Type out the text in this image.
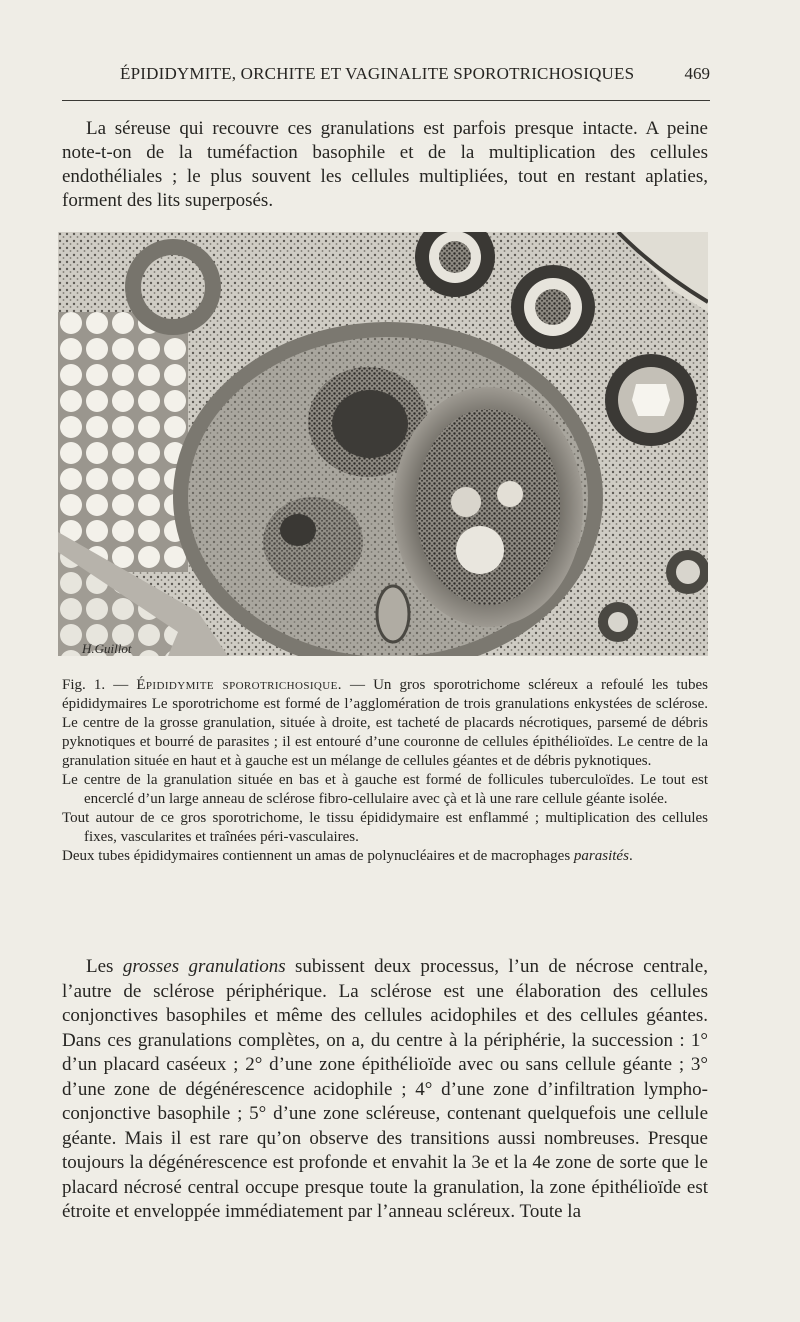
ÉPIDIDYMITE, ORCHITE ET VAGINALITE SPOROTRICHOSIQUES	469

La séreuse qui recouvre ces granulations est parfois presque intacte. A peine note-t-on de la tuméfaction basophile et de la multiplication des cellules endothéliales ; le plus souvent les cellules multipliées, tout en restant aplaties, forment des lits superposés.

H.Guillot

Fig. 1. — Épididymite sporotrichosique. — Un gros sporotrichome scléreux a refoulé les tubes épididymaires Le sporotrichome est formé de l’agglomération de trois granulations enkystées de sclérose. Le centre de la grosse granulation, située à droite, est tacheté de placards nécrotiques, parsemé de débris pyknotiques et bourré de parasites ; il est entouré d’une couronne de cellules épithélioïdes. Le centre de la granulation située en haut et à gauche est un mélange de cellules géantes et de débris pyknotiques.

Le centre de la granulation située en bas et à gauche est formé de follicules tuberculoïdes. Le tout est encerclé d’un large anneau de sclérose fibro-cellulaire avec çà et là une rare cellule géante isolée.

Tout autour de ce gros sporotrichome, le tissu épididymaire est enflammé ; multiplication des cellules fixes, vascularites et traînées péri-vasculaires.

Deux tubes épididymaires contiennent un amas de polynucléaires et de macrophages parasités.

Les grosses granulations subissent deux processus, l’un de nécrose centrale, l’autre de sclérose périphérique. La sclérose est une élaboration des cellules conjonctives basophiles et même des cellules acidophiles et des cellules géantes. Dans ces granulations complètes, on a, du centre à la périphérie, la succession : 1° d’un placard caséeux ; 2° d’une zone épithélioïde avec ou sans cellule géante ; 3° d’une zone de dégénérescence acidophile ; 4° d’une zone d’infiltration lympho-conjonctive basophile ; 5° d’une zone scléreuse, contenant quelquefois une cellule géante. Mais il est rare qu’on observe des transitions aussi nombreuses. Presque toujours la dégénérescence est profonde et envahit la 3e et la 4e zone de sorte que le placard nécrosé central occupe presque toute la granulation, la zone épithélioïde est étroite et enveloppée immédiatement par l’anneau scléreux. Toute la
